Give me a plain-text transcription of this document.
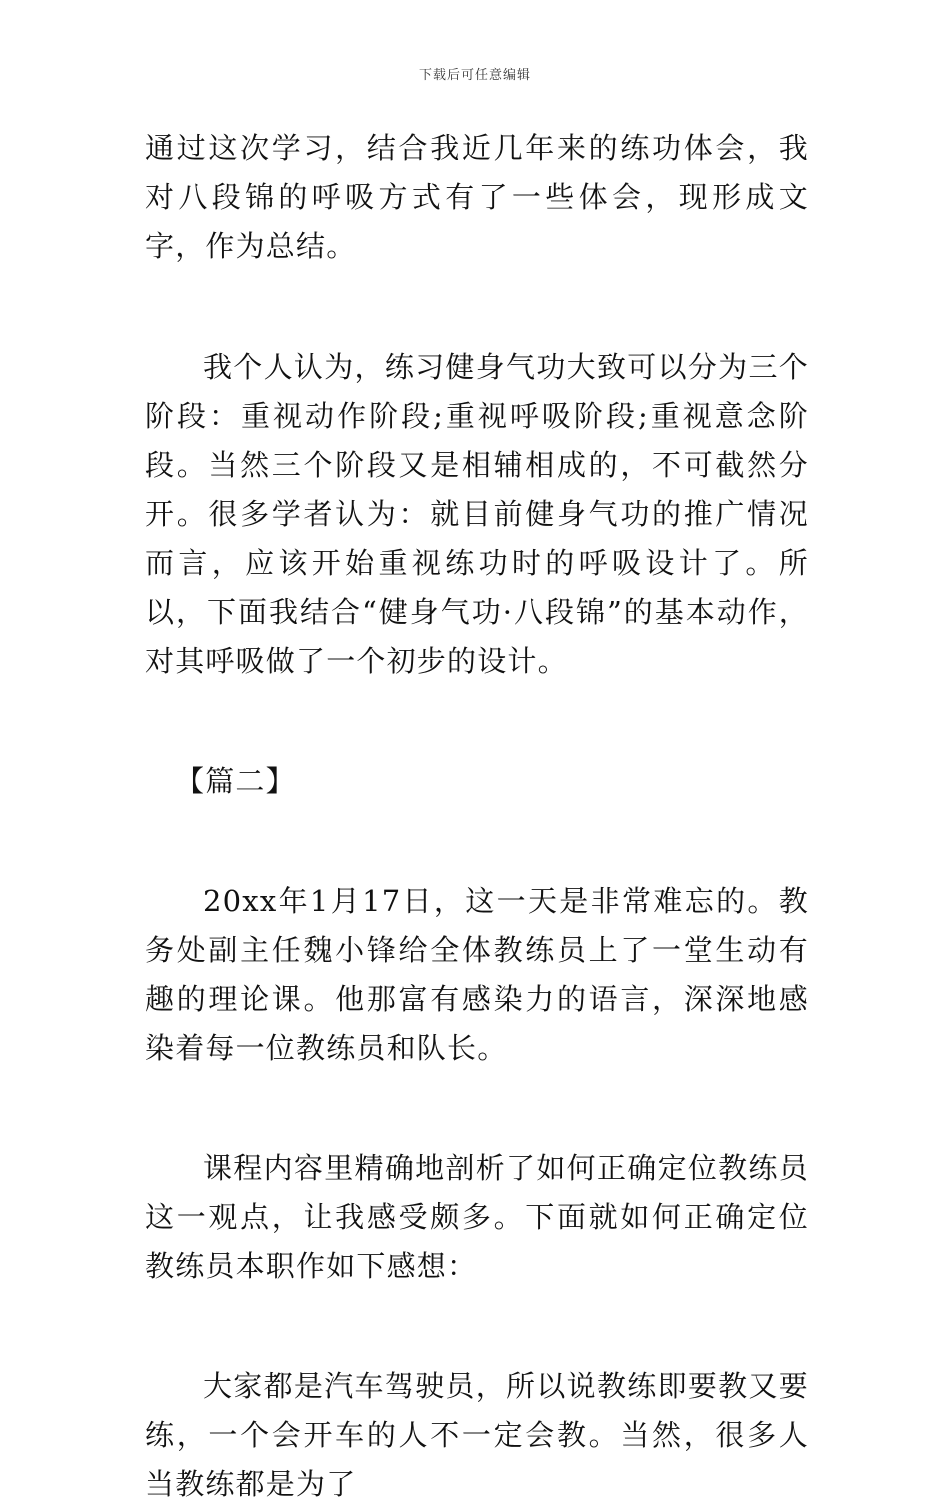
下载后可任意编辑

通过这次学习，结合我近几年来的练功体会，我对八段锦的呼吸方式有了一些体会，现形成文字，作为总结。

我个人认为，练习健身气功大致可以分为三个阶段：重视动作阶段;重视呼吸阶段;重视意念阶段。当然三个阶段又是相辅相成的，不可截然分开。很多学者认为：就目前健身气功的推广情况而言，应该开始重视练功时的呼吸设计了。所以，下面我结合“健身气功·八段锦”的基本动作，对其呼吸做了一个初步的设计。

【篇二】

20xx年1月17日，这一天是非常难忘的。教务处副主任魏小锋给全体教练员上了一堂生动有趣的理论课。他那富有感染力的语言，深深地感染着每一位教练员和队长。

课程内容里精确地剖析了如何正确定位教练员这一观点，让我感受颇多。下面就如何正确定位教练员本职作如下感想：

大家都是汽车驾驶员，所以说教练即要教又要练，一个会开车的人不一定会教。当然，很多人当教练都是为了
